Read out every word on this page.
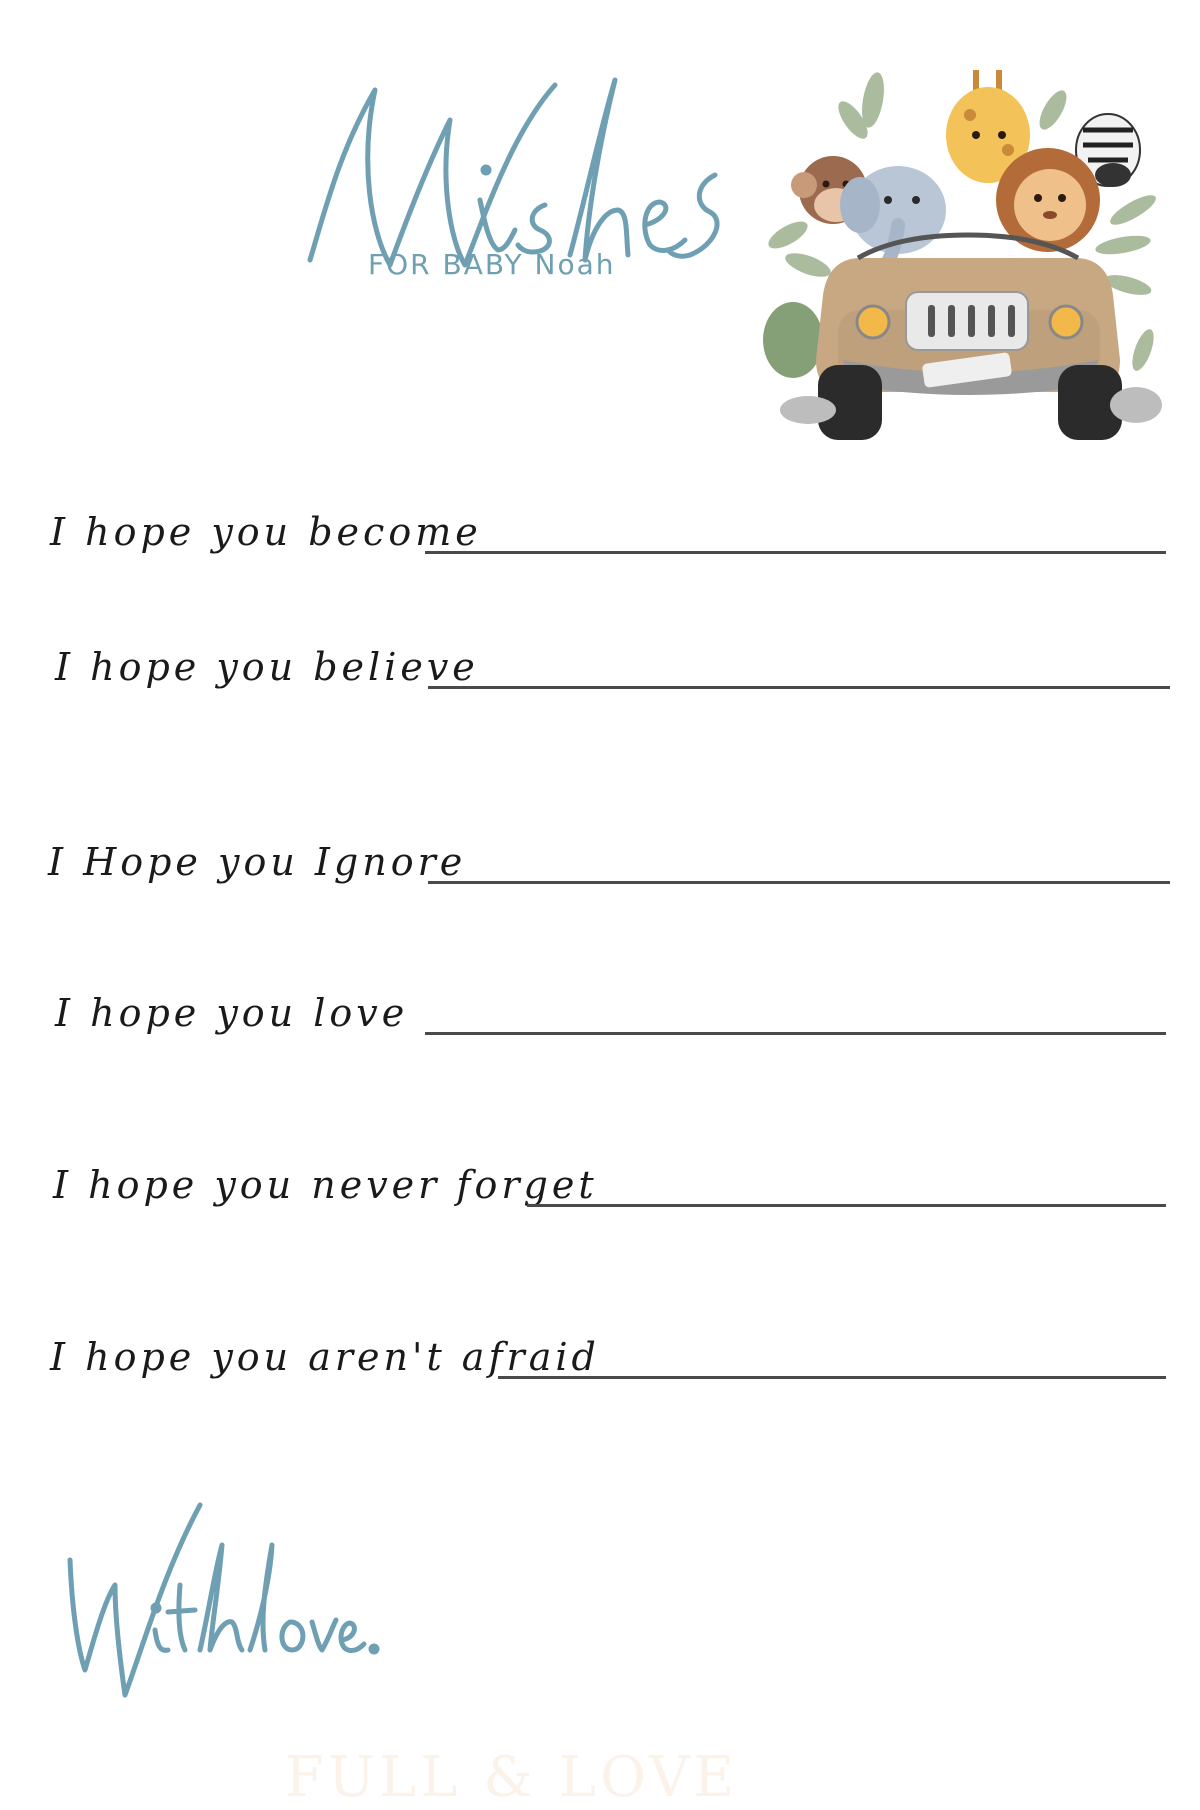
FOR BABY Noah
I hope you become
I hope you believe
I Hope you Ignore
I hope you love
I hope you never forget
I hope you aren't afraid
FULL & LOVE
